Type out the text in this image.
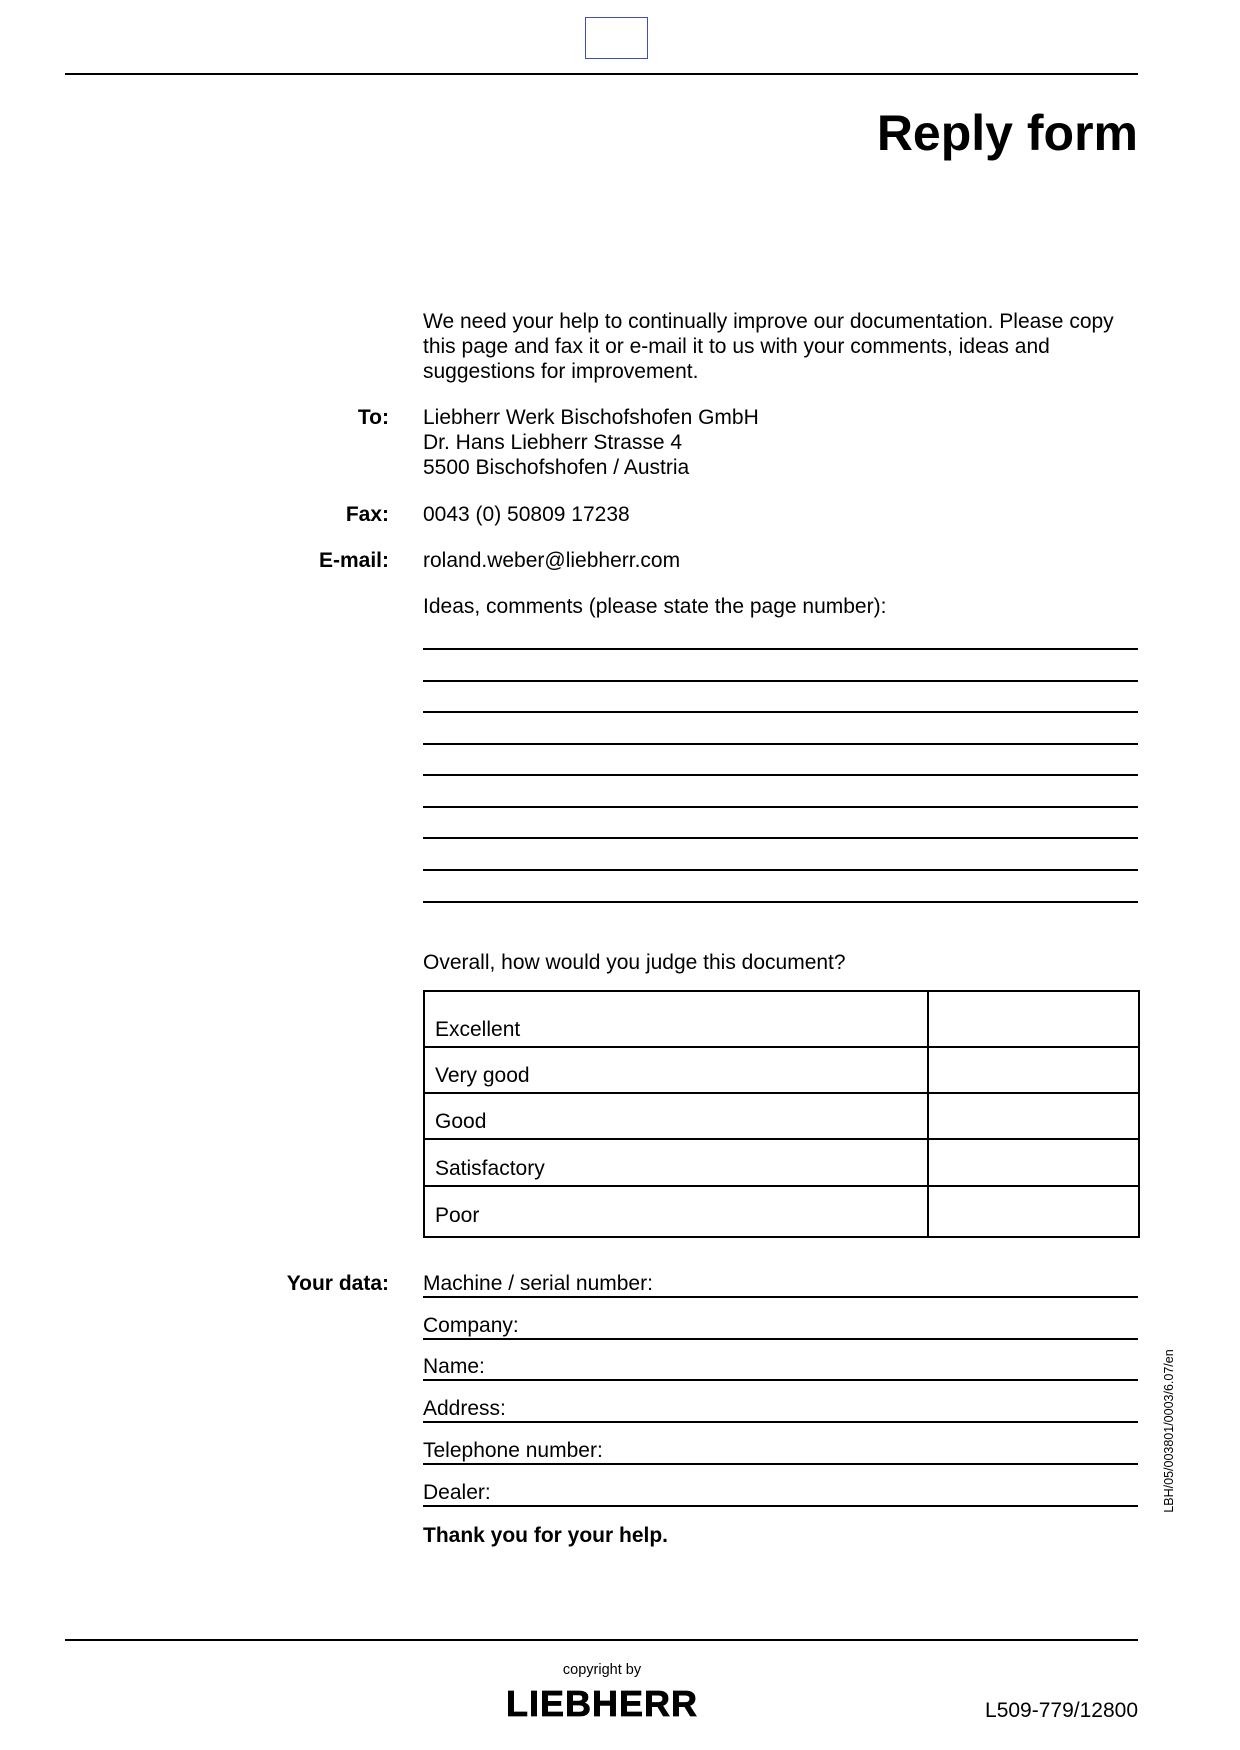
Reply form
We need your help to continually improve our documentation. Please copy this page and fax it or e-mail it to us with your comments, ideas and suggestions for improvement.
To: Liebherr Werk Bischofshofen GmbH
Dr. Hans Liebherr Strasse 4
5500 Bischofshofen / Austria
Fax: 0043 (0) 50809 17238
E-mail: roland.weber@liebherr.com
Ideas, comments (please state the page number):
Overall, how would you judge this document?
Excellent
Very good
Good
Satisfactory
Poor
Your data: Machine / serial number:
Company:
Name:
Address:
Telephone number:
Dealer:
Thank you for your help.
LBH/05/003801/0003/6.07/en
copyright by
LIEBHERR	L509-779/12800
